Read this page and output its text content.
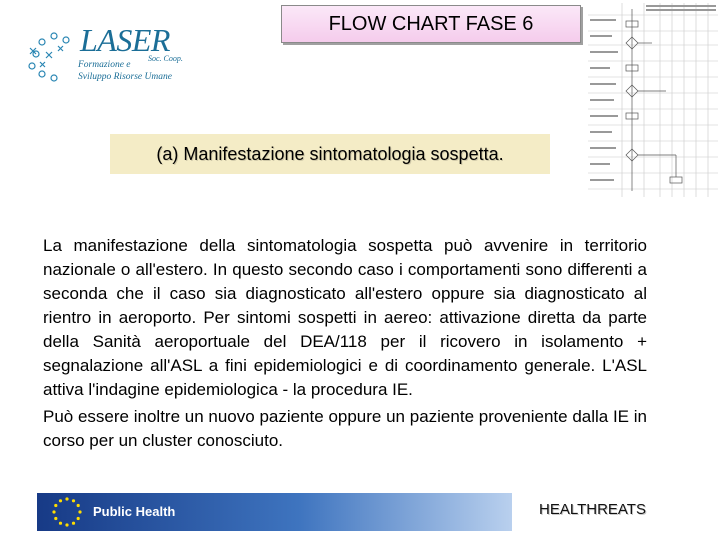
LASER
Soc. Coop.
Formazione e
Sviluppo Risorse Umane
FLOW CHART FASE 6
(a) Manifestazione sintomatologia sospetta.

La manifestazione della sintomatologia sospetta può avvenire in territorio nazionale o all'estero. In questo secondo caso i comportamenti sono differenti a seconda che il caso sia diagnosticato all'estero oppure sia diagnosticato al rientro in aeroporto. Per sintomi sospetti in aereo: attivazione diretta da parte della Sanità aeroportuale del DEA/118 per il ricovero in isolamento + segnalazione all'ASL a fini epidemiologici e di coordinamento generale. L'ASL attiva l'indagine epidemiologica - la procedura IE.

Può essere inoltre un nuovo paziente oppure un paziente proveniente dalla IE in corso per un cluster conosciuto.

Public Health	HEALTHREATS
